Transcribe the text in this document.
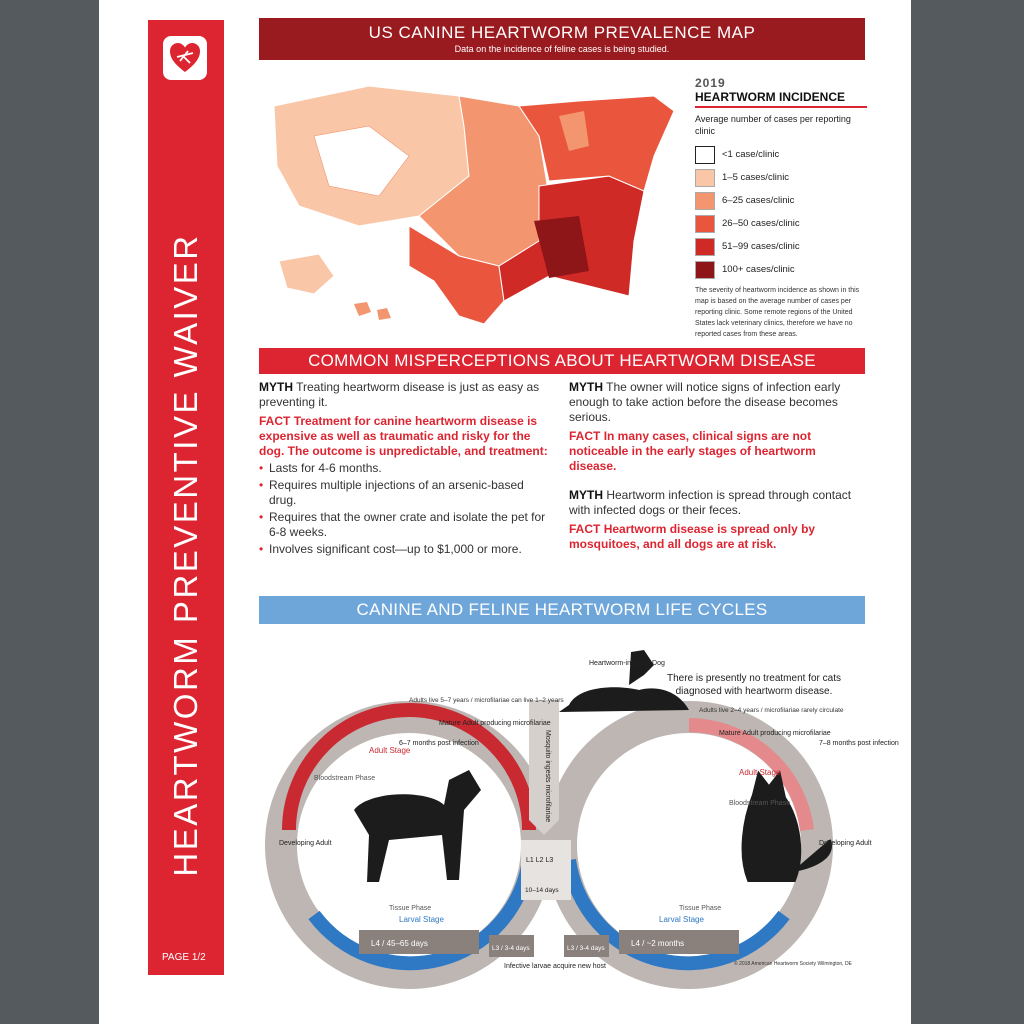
HEARTWORM PREVENTIVE WAIVER
PAGE 1/2
US CANINE HEARTWORM PREVALENCE MAP
Data on the incidence of feline cases is being studied.
2019
HEARTWORM INCIDENCE
Average number of cases per reporting clinic
<1 case/clinic
1–5 cases/clinic
6–25 cases/clinic
26–50 cases/clinic
51–99 cases/clinic
100+ cases/clinic
The severity of heartworm incidence as shown in this map is based on the average number of cases per reporting clinic. Some remote regions of the United States lack veterinary clinics, therefore we have no reported cases from these areas.
COMMON MISPERCEPTIONS ABOUT HEARTWORM DISEASE
MYTH Treating heartworm disease is just as easy as preventing it.
FACT Treatment for canine heartworm disease is expensive as well as traumatic and risky for the dog. The outcome is unpredictable, and treatment:
• Lasts for 4-6 months.
• Requires multiple injections of an arsenic-based drug.
• Requires that the owner crate and isolate the pet for 6-8 weeks.
• Involves significant cost—up to $1,000 or more.
MYTH The owner will notice signs of infection early enough to take action before the disease becomes serious.
FACT In many cases, clinical signs are not noticeable in the early stages of heartworm disease.
MYTH Heartworm infection is spread through contact with infected dogs or their feces.
FACT Heartworm disease is spread only by mosquitoes, and all dogs are at risk.
CANINE AND FELINE HEARTWORM LIFE CYCLES
Heartworm-infected Dog
Mosquito ingests microfilariae
6–7 months post infection	7–8 months post infection
Adults live 5–7 years / microfilariae can live 1–2 years
Adults live 2–4 years / microfilariae rarely circulate
Mature Adult producing microfilariae
Mature Adult producing microfilariae
Developing Adult	Developing Adult
Adult Stage
Adult Stage
Larval Stage	Larval Stage
Bloodstream Phase
Tissue Phase
Bloodstream Phase
Tissue Phase
L1 L2 L3
10–14 days
Infective larvae acquire new host
L4 / 45–65 days	L4 / ~2 months
L3 / 3-4 days	L3 / 3-4 days
© 2018 American Heartworm Society Wilmington, DE
There is presently no treatment for cats diagnosed with heartworm disease.
